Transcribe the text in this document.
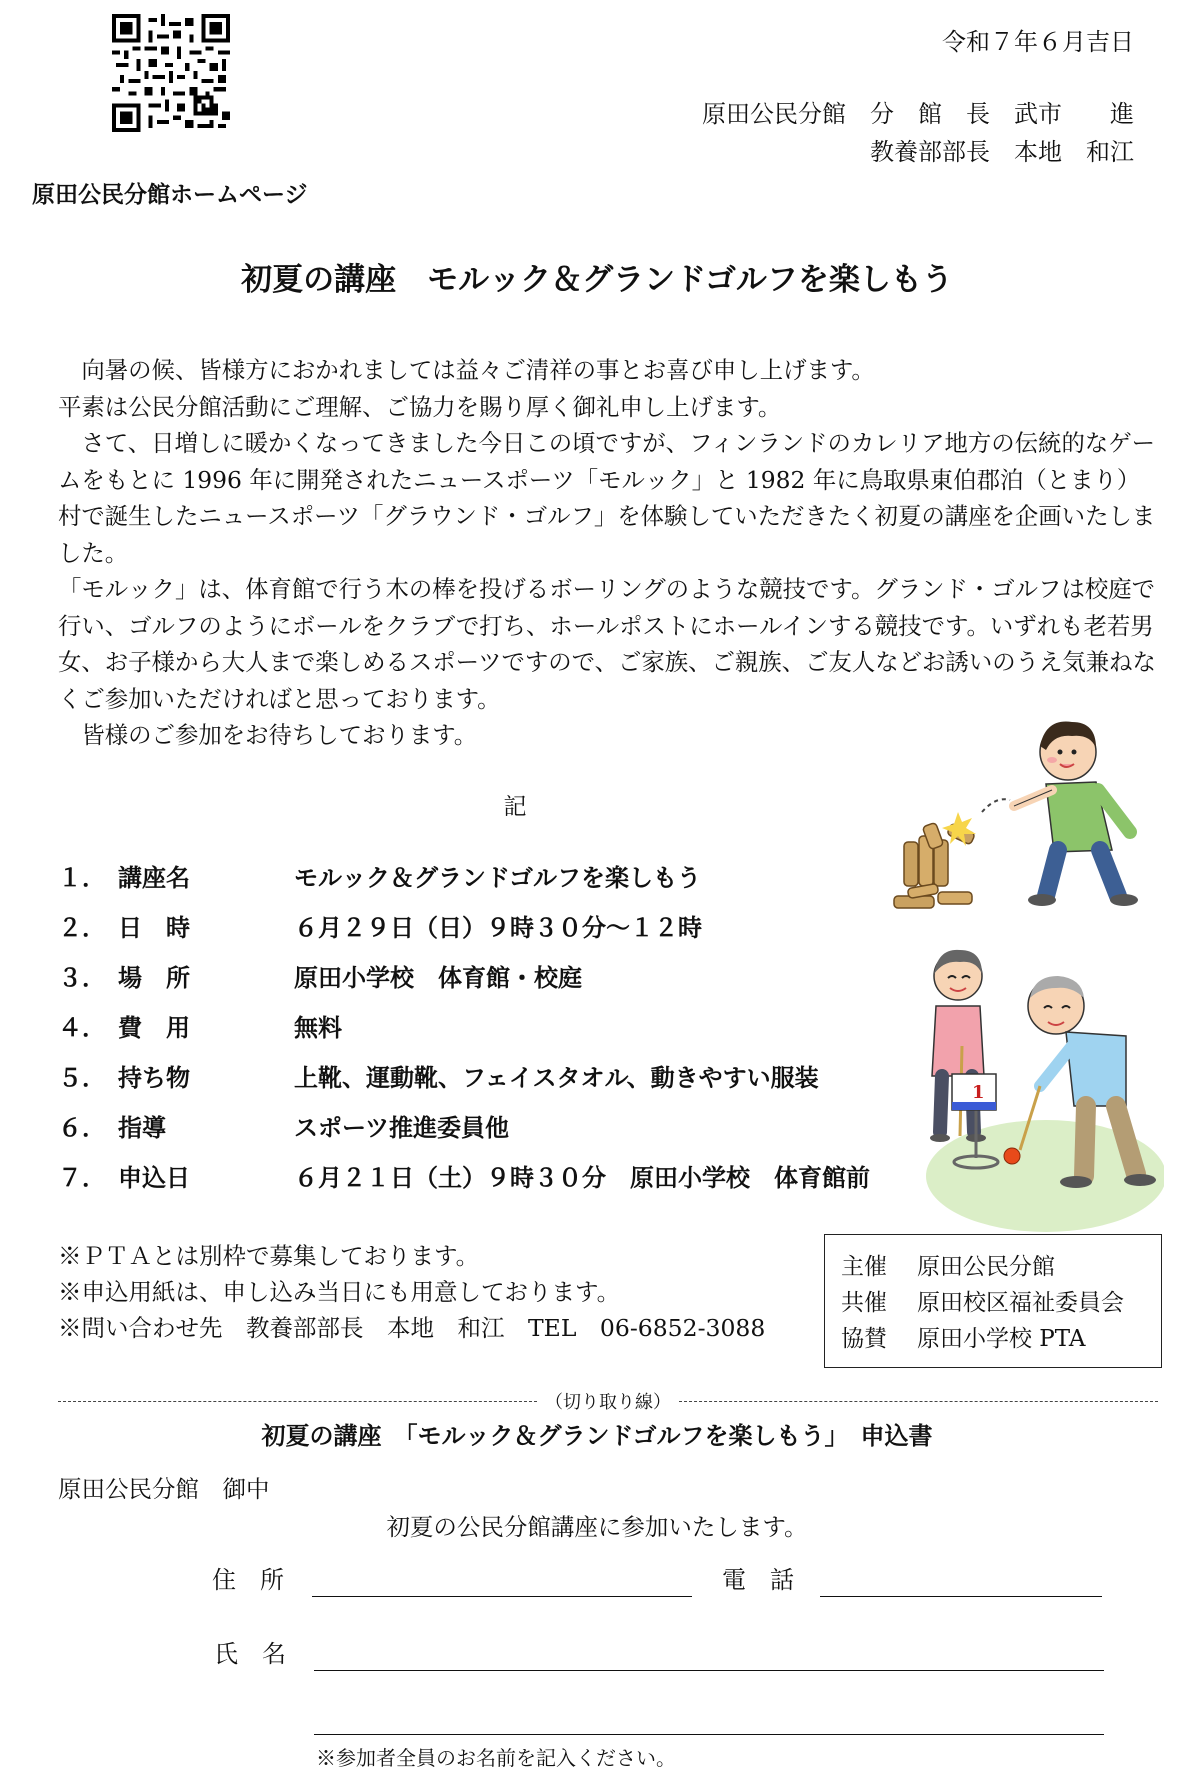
令和７年６月吉日
原田公民分館　分　館　長　武市　　進
教養部部長　本地　和江
原田公民分館ホームページ
初夏の講座　モルック＆グランドゴルフを楽しもう

　向暑の候、皆様方におかれましては益々ご清祥の事とお喜び申し上げます。

平素は公民分館活動にご理解、ご協力を賜り厚く御礼申し上げます。

　さて、日増しに暖かくなってきました今日この頃ですが、フィンランドのカレリア地方の伝統的なゲームをもとに 1996 年に開発されたニュースポーツ「モルック」と 1982 年に鳥取県東伯郡泊（とまり）村で誕生したニュースポーツ「グラウンド・ゴルフ」を体験していただきたく初夏の講座を企画いたしました。

「モルック」は、体育館で行う木の棒を投げるボーリングのような競技です。グランド・ゴルフは校庭で行い、ゴルフのようにボールをクラブで打ち、ホールポストにホールインする競技です。いずれも老若男女、お子様から大人まで楽しめるスポーツですので、ご家族、ご親族、ご友人などお誘いのうえ気兼ねなくご参加いただければと思っております。

　皆様のご参加をお待ちしております。

記
１． 講座名	モルック＆グランドゴルフを楽しもう
２． 日　時	６月２９日（日）９時３０分～１２時
３． 場　所	原田小学校　体育館・校庭
４． 費　用	無料
５． 持ち物	上靴、運動靴、フェイスタオル、動きやすい服装
６． 指導	スポーツ推進委員他
７． 申込日	６月２１日（土）９時３０分　原田小学校　体育館前
1
※ＰＴＡとは別枠で募集しております。
※申込用紙は、申し込み当日にも用意しております。
※問い合わせ先　教養部部長　本地　和江　TEL　06-6852-3088
主催	原田公民分館
共催	原田校区福祉委員会
協賛	原田小学校 PTA
（切り取り線）
初夏の講座　「モルック＆グランドゴルフを楽しもう」　申込書
原田公民分館　御中
初夏の公民分館講座に参加いたします。
住　所	電　話
氏　名
※参加者全員のお名前を記入ください。
